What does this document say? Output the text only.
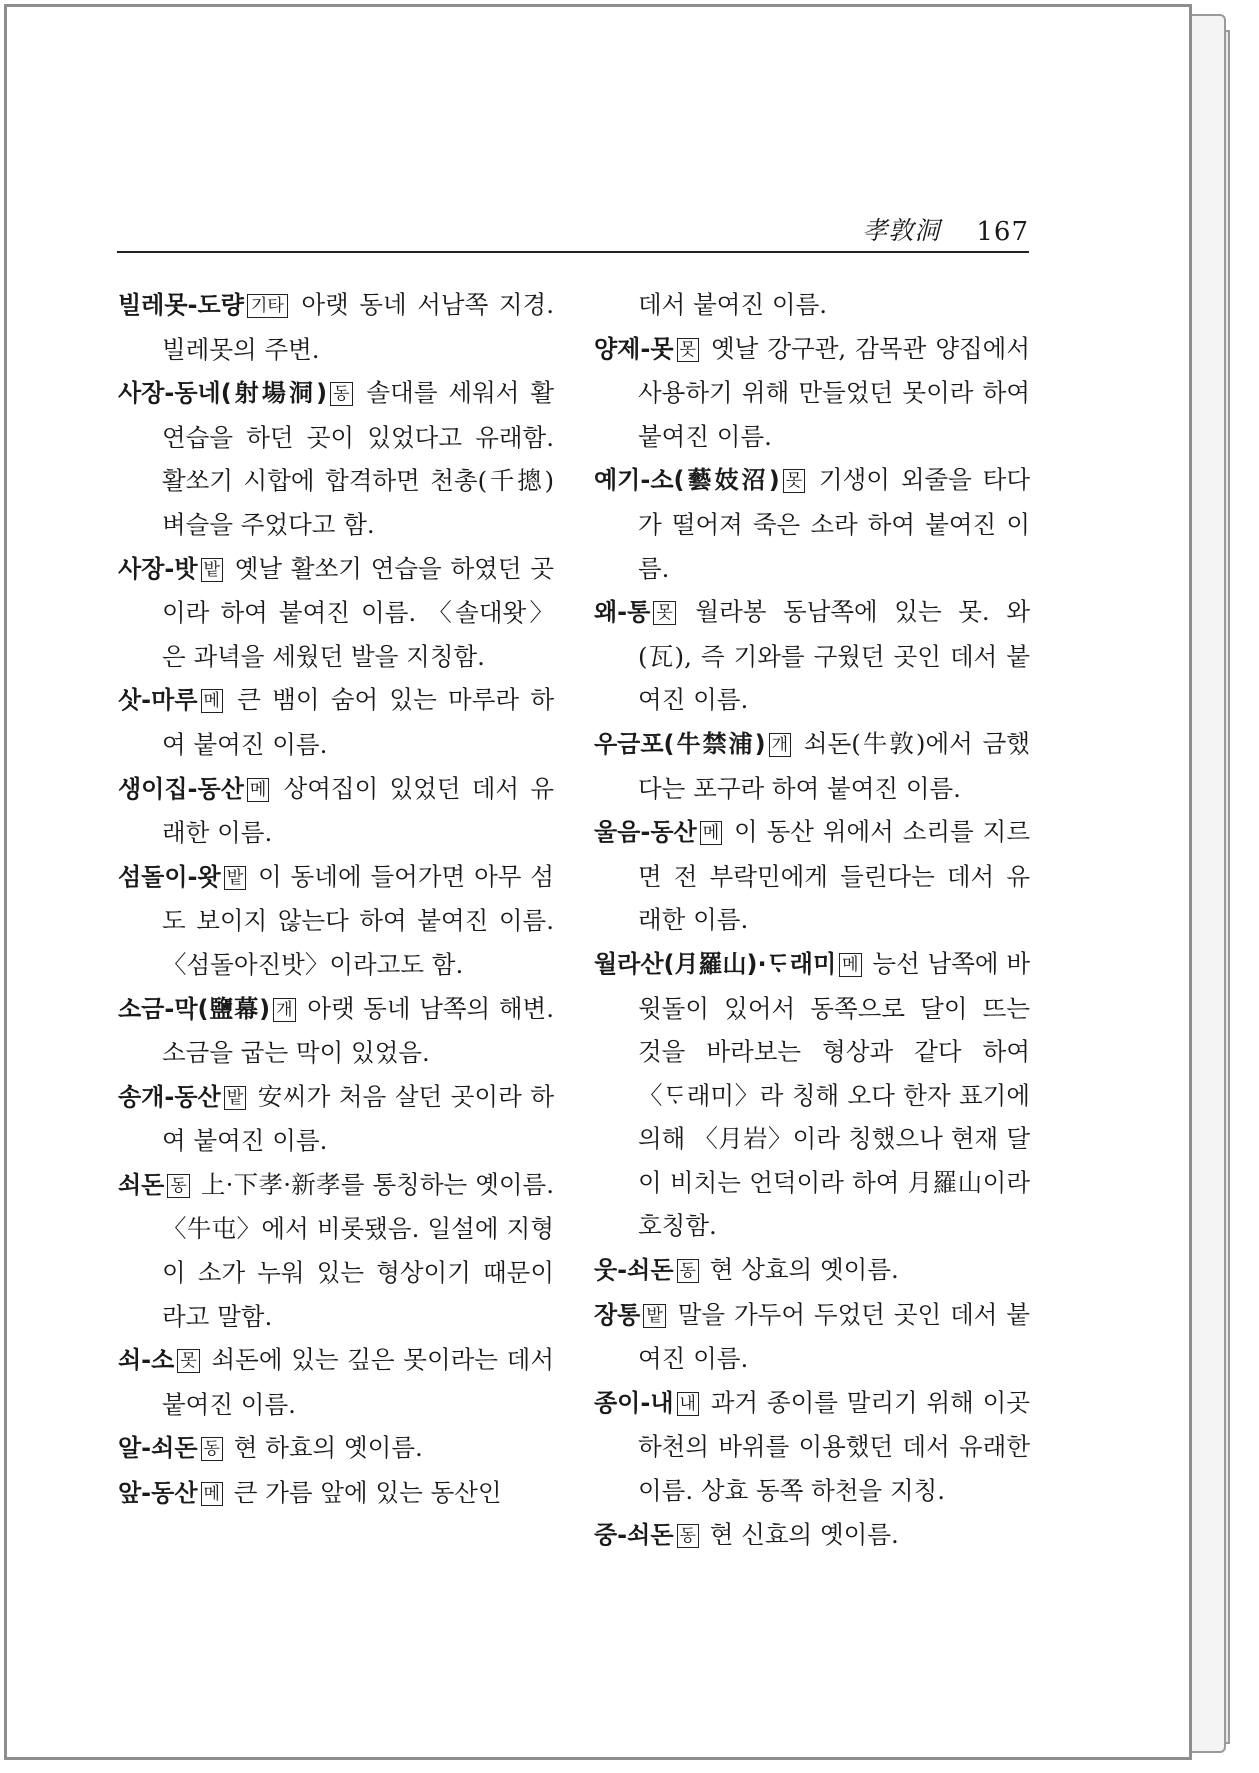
孝敦洞 167
빌레못-도량 기타 아랫 동네 서남쪽 지경. 빌레못의 주변.
사장-동네(射場洞) 동 솔대를 세워서 활연습을 하던 곳이 있었다고 유래함. 활쏘기 시합에 합격하면 천총(千摠) 벼슬을 주었다고 함.
사장-밧 밭 옛날 활쏘기 연습을 하였던 곳이라 하여 붙여진 이름. 〈솔대왓〉은 과녁을 세웠던 발을 지칭함.
삿-마루 메 큰 뱀이 숨어 있는 마루라 하여 붙여진 이름.
생이집-동산 메 상여집이 있었던 데서 유래한 이름.
섬돌이-왓 밭 이 동네에 들어가면 아무 섬도 보이지 않는다 하여 붙여진 이름. 〈섬돌아진밧〉이라고도 함.
소금-막(鹽幕) 개 아랫 동네 남쪽의 해변. 소금을 굽는 막이 있었음.
송개-동산 밭 安씨가 처음 살던 곳이라 하여 붙여진 이름.
쇠돈 동 上·下孝·新孝를 통칭하는 옛이름. 〈牛屯〉에서 비롯됐음. 일설에 지형이 소가 누워 있는 형상이기 때문이라고 말함.
쇠-소 못 쇠돈에 있는 깊은 못이라는 데서 붙여진 이름.
알-쇠돈 동 현 하효의 옛이름.
앞-동산 메 큰 가름 앞에 있는 동산인
데서 붙여진 이름.
양제-못 못 옛날 강구관, 감목관 양집에서 사용하기 위해 만들었던 못이라 하여 붙여진 이름.
예기-소(藝妓沼) 못 기생이 외줄을 타다가 떨어져 죽은 소라 하여 붙여진 이름.
왜-통 못 월라봉 동남쪽에 있는 못. 와(瓦), 즉 기와를 구웠던 곳인 데서 붙여진 이름.
우금포(牛禁浦) 개 쇠돈(牛敦)에서 금했다는 포구라 하여 붙여진 이름.
울음-동산 메 이 동산 위에서 소리를 지르면 전 부락민에게 들린다는 데서 유래한 이름.
월라산(月羅山)·ᄃᆞ래미 메 능선 남쪽에 바윗돌이 있어서 동쪽으로 달이 뜨는 것을 바라보는 형상과 같다 하여 〈ᄃᆞ래미〉라 칭해 오다 한자 표기에 의해 〈月岩〉이라 칭했으나 현재 달이 비치는 언덕이라 하여 月羅山이라 호칭함.
웃-쇠돈 동 현 상효의 옛이름.
장통 밭 말을 가두어 두었던 곳인 데서 붙여진 이름.
종이-내 내 과거 종이를 말리기 위해 이곳 하천의 바위를 이용했던 데서 유래한 이름. 상효 동쪽 하천을 지칭.
중-쇠돈 동 현 신효의 옛이름.
